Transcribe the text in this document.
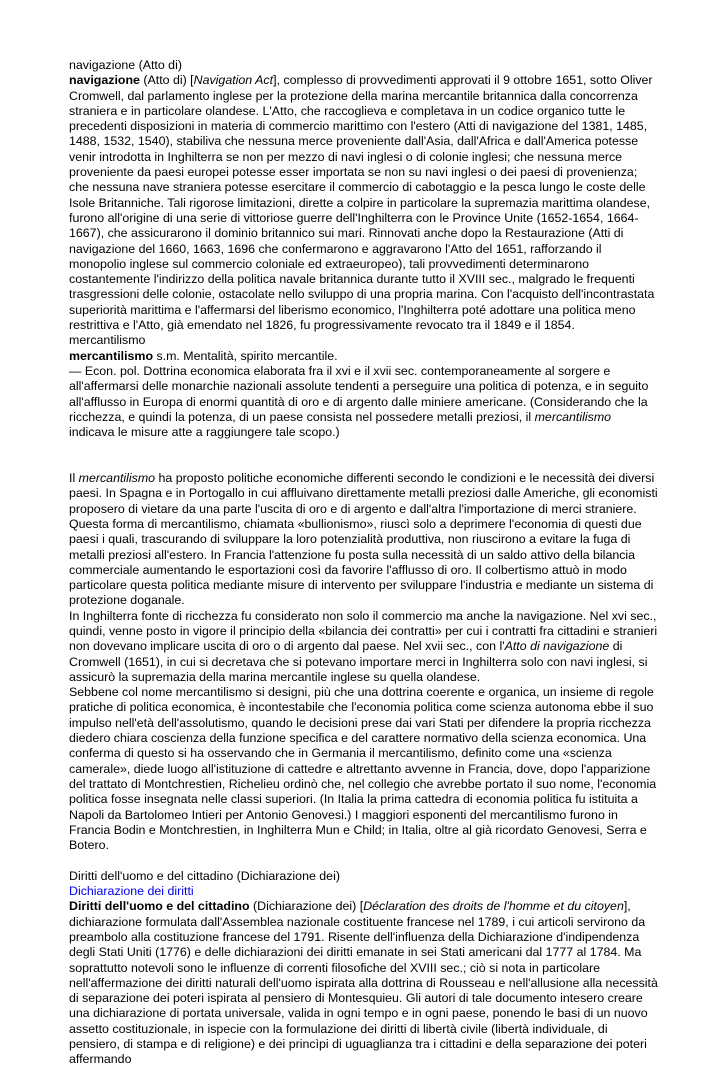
navigazione (Atto di)

navigazione (Atto di) [Navigation Act], complesso di provvedimenti approvati il 9 ottobre 1651, sotto Oliver Cromwell, dal parlamento inglese per la protezione della marina mercantile britannica dalla concorrenza straniera e in particolare olandese. L'Atto, che raccoglieva e completava in un codice organico tutte le precedenti disposizioni in materia di commercio marittimo con l'estero (Atti di navigazione del 1381, 1485, 1488, 1532, 1540), stabiliva che nessuna merce proveniente dall'Asia, dall'Africa e dall'America potesse venir introdotta in Inghilterra se non per mezzo di navi inglesi o di colonie inglesi; che nessuna merce proveniente da paesi europei potesse esser importata se non su navi inglesi o dei paesi di provenienza; che nessuna nave straniera potesse esercitare il commercio di cabotaggio e la pesca lungo le coste delle Isole Britanniche. Tali rigorose limitazioni, dirette a colpire in particolare la supremazia marittima olandese, furono all'origine di una serie di vittoriose guerre dell'Inghilterra con le Province Unite (1652-1654, 1664-1667), che assicurarono il dominio britannico sui mari. Rinnovati anche dopo la Restaurazione (Atti di navigazione del 1660, 1663, 1696 che confermarono e aggravarono l'Atto del 1651, rafforzando il monopolio inglese sul commercio coloniale ed extraeuropeo), tali provvedimenti determinarono costantemente l'indirizzo della politica navale britannica durante tutto il XVIII sec., malgrado le frequenti trasgressioni delle colonie, ostacolate nello sviluppo di una propria marina. Con l'acquisto dell'incontrastata superiorità marittima e l'affermarsi del liberismo economico, l'Inghilterra poté adottare una politica meno restrittiva e l'Atto, già emendato nel 1826, fu progressivamente revocato tra il 1849 e il 1854.

mercantilismo

mercantilismo s.m. Mentalità, spirito mercantile.

— Econ. pol. Dottrina economica elaborata fra il xvi e il xvii sec. contemporaneamente al sorgere e all'affermarsi delle monarchie nazionali assolute tendenti a perseguire una politica di potenza, e in seguito all'afflusso in Europa di enormi quantità di oro e di argento dalle miniere americane. (Considerando che la ricchezza, e quindi la potenza, di un paese consista nel possedere metalli preziosi, il mercantilismo indicava le misure atte a raggiungere tale scopo.)

Il mercantilismo ha proposto politiche economiche differenti secondo le condizioni e le necessità dei diversi paesi. In Spagna e in Portogallo in cui affluivano direttamente metalli preziosi dalle Americhe, gli economisti proposero di vietare da una parte l'uscita di oro e di argento e dall'altra l'importazione di merci straniere. Questa forma di mercantilismo, chiamata «bullionismo», riuscì solo a deprimere l'economia di questi due paesi i quali, trascurando di sviluppare la loro potenzialità produttiva, non riuscirono a evitare la fuga di metalli preziosi all'estero. In Francia l'attenzione fu posta sulla necessità di un saldo attivo della bilancia commerciale aumentando le esportazioni così da favorire l'afflusso di oro. Il colbertismo attuò in modo particolare questa politica mediante misure di intervento per sviluppare l'industria e mediante un sistema di protezione doganale.

In Inghilterra fonte di ricchezza fu considerato non solo il commercio ma anche la navigazione. Nel xvi sec., quindi, venne posto in vigore il principio della «bilancia dei contratti» per cui i contratti fra cittadini e stranieri non dovevano implicare uscita di oro o di argento dal paese. Nel xvii sec., con l'Atto di navigazione di Cromwell (1651), in cui si decretava che si potevano importare merci in Inghilterra solo con navi inglesi, si assicurò la supremazia della marina mercantile inglese su quella olandese.

Sebbene col nome mercantilismo si designi, più che una dottrina coerente e organica, un insieme di regole pratiche di politica economica, è incontestabile che l'economia politica come scienza autonoma ebbe il suo impulso nell'età dell'assolutismo, quando le decisioni prese dai vari Stati per difendere la propria ricchezza diedero chiara coscienza della funzione specifica e del carattere normativo della scienza economica. Una conferma di questo si ha osservando che in Germania il mercantilismo, definito come una «scienza camerale», diede luogo all'istituzione di cattedre e altrettanto avvenne in Francia, dove, dopo l'apparizione del trattato di Montchrestien, Richelieu ordinò che, nel collegio che avrebbe portato il suo nome, l'economia politica fosse insegnata nelle classi superiori. (In Italia la prima cattedra di economia politica fu istituita a Napoli da Bartolomeo Intieri per Antonio Genovesi.) I maggiori esponenti del mercantilismo furono in Francia Bodin e Montchrestien, in Inghilterra Mun e Child; in Italia, oltre al già ricordato Genovesi, Serra e Botero.

Diritti dell'uomo e del cittadino (Dichiarazione dei)

Dichiarazione dei diritti

Diritti dell'uomo e del cittadino (Dichiarazione dei) [Déclaration des droits de l'homme et du citoyen], dichiarazione formulata dall'Assemblea nazionale costituente francese nel 1789, i cui articoli servirono da preambolo alla costituzione francese del 1791. Risente dell'influenza della Dichiarazione d'indipendenza degli Stati Uniti (1776) e delle dichiarazioni dei diritti emanate in sei Stati americani dal 1777 al 1784. Ma soprattutto notevoli sono le influenze di correnti filosofiche del XVIII sec.; ciò si nota in particolare nell'affermazione dei diritti naturali dell'uomo ispirata alla dottrina di Rousseau e nell'allusione alla necessità di separazione dei poteri ispirata al pensiero di Montesquieu. Gli autori di tale documento intesero creare una dichiarazione di portata universale, valida in ogni tempo e in ogni paese, ponendo le basi di un nuovo assetto costituzionale, in ispecie con la formulazione dei diritti di libertà civile (libertà individuale, di pensiero, di stampa e di religione) e dei princìpi di uguaglianza tra i cittadini e della separazione dei poteri affermando
